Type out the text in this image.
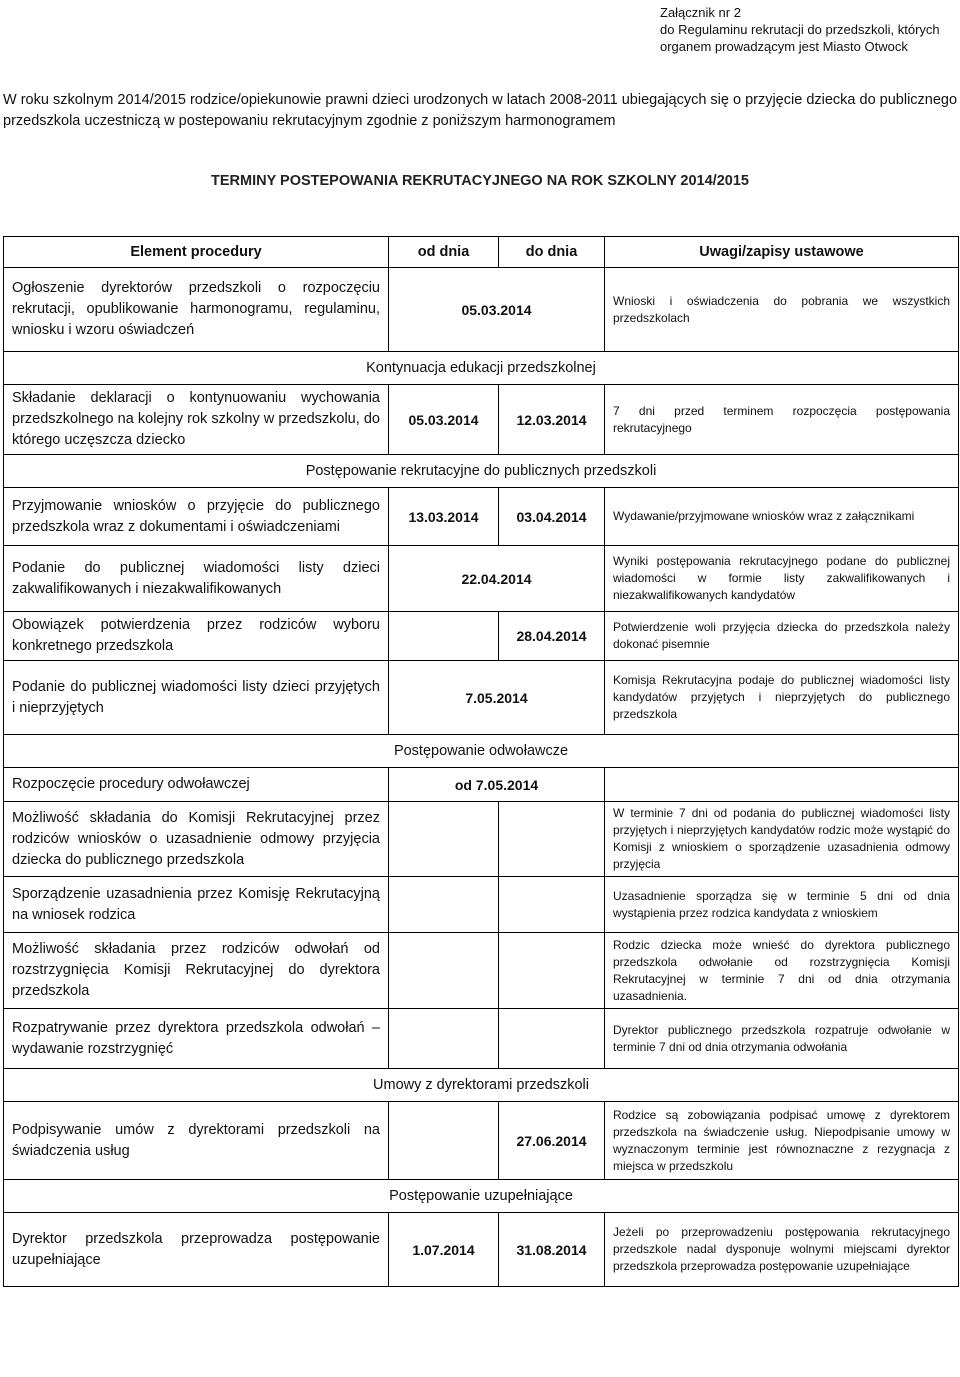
Załącznik nr 2
do Regulaminu rekrutacji do przedszkoli, których organem prowadzącym jest Miasto Otwock
W roku szkolnym 2014/2015 rodzice/opiekunowie prawni dzieci urodzonych w latach 2008-2011 ubiegających się o przyjęcie dziecka do publicznego przedszkola uczestniczą w postepowaniu rekrutacyjnym zgodnie z poniższym harmonogramem
TERMINY POSTEPOWANIA REKRUTACYJNEGO NA ROK SZKOLNY 2014/2015
Element procedury	od dnia	do dnia	Uwagi/zapisy ustawowe
Ogłoszenie dyrektorów przedszkoli o rozpoczęciu rekrutacji, opublikowanie harmonogramu, regulaminu, wniosku i wzoru oświadczeń	05.03.2014		Wnioski i oświadczenia do pobrania we wszystkich przedszkolach
Kontynuacja edukacji przedszkolnej			
Składanie deklaracji o kontynuowaniu wychowania przedszkolnego na kolejny rok szkolny w przedszkolu, do którego uczęszcza dziecko	05.03.2014	12.03.2014	7 dni przed terminem rozpoczęcia postępowania rekrutacyjnego
Postępowanie rekrutacyjne do publicznych przedszkoli			
Przyjmowanie wniosków o przyjęcie do publicznego przedszkola wraz z dokumentami i oświadczeniami	13.03.2014	03.04.2014	Wydawanie/przyjmowane wniosków wraz z załącznikami
Podanie do publicznej wiadomości listy dzieci zakwalifikowanych i niezakwalifikowanych	22.04.2014		Wyniki postępowania rekrutacyjnego podane do publicznej wiadomości w formie listy zakwalifikowanych i niezakwalifikowanych kandydatów
Obowiązek potwierdzenia przez rodziców wyboru konkretnego przedszkola		28.04.2014	Potwierdzenie woli przyjęcia dziecka do przedszkola należy dokonać pisemnie
Podanie do publicznej wiadomości listy dzieci przyjętych i nieprzyjętych	7.05.2014		Komisja Rekrutacyjna podaje do publicznej wiadomości listy kandydatów przyjętych i nieprzyjętych do publicznego przedszkola
Postępowanie odwoławcze			
Rozpoczęcie procedury odwoławczej	od 7.05.2014		
Możliwość składania do Komisji Rekrutacyjnej przez rodziców wniosków o uzasadnienie odmowy przyjęcia dziecka do publicznego przedszkola			W terminie 7 dni od podania do publicznej wiadomości listy przyjętych i nieprzyjętych kandydatów rodzic może wystąpić do Komisji z wnioskiem o sporządzenie uzasadnienia odmowy przyjęcia
Sporządzenie uzasadnienia przez Komisję Rekrutacyjną na wniosek rodzica			Uzasadnienie sporządza się w terminie 5 dni od dnia wystąpienia przez rodzica kandydata z wnioskiem
Możliwość składania przez rodziców odwołań od rozstrzygnięcia Komisji Rekrutacyjnej do dyrektora przedszkola			Rodzic dziecka może wnieść do dyrektora publicznego przedszkola odwołanie od rozstrzygnięcia Komisji Rekrutacyjnej w terminie 7 dni od dnia otrzymania uzasadnienia.
Rozpatrywanie przez dyrektora przedszkola odwołań – wydawanie rozstrzygnięć			Dyrektor publicznego przedszkola rozpatruje odwołanie w terminie 7 dni od dnia otrzymania odwołania
Umowy z dyrektorami przedszkoli			
Podpisywanie umów z dyrektorami przedszkoli na świadczenia usług		27.06.2014	Rodzice są zobowiązania podpisać umowę z dyrektorem przedszkola na świadczenie usług. Niepodpisanie umowy w wyznaczonym terminie jest równoznaczne z rezygnacja z miejsca w przedszkolu
Postępowanie uzupełniające			
Dyrektor przedszkola przeprowadza postępowanie uzupełniające	1.07.2014	31.08.2014	Jeżeli po przeprowadzeniu postępowania rekrutacyjnego przedszkole nadal dysponuje wolnymi miejscami dyrektor przedszkola przeprowadza postępowanie uzupełniające
